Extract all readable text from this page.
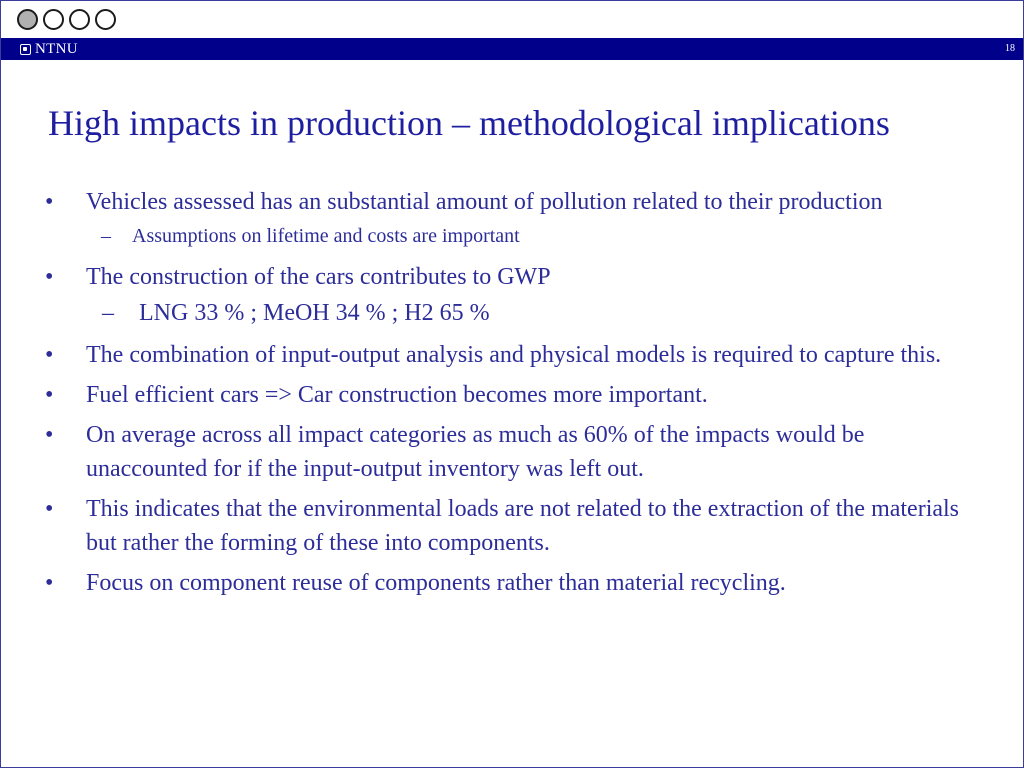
NTNU	18
High impacts in production – methodological implications
•	Vehicles assessed has an substantial amount of pollution related to their production
– Assumptions on lifetime and costs are important
•	The construction of the cars contributes to GWP
– LNG 33 % ; MeOH 34 % ; H2 65 %
•	The combination of input-output analysis and physical models is required to capture this.
•	Fuel efficient cars => Car construction becomes more important.
•	On average across all impact categories as much as 60% of the impacts would be unaccounted for if the input-output inventory was left out.
•	This indicates that the environmental loads are not related to the extraction of the materials but rather the forming of these into components.
•	Focus on component reuse of components rather than material recycling.
